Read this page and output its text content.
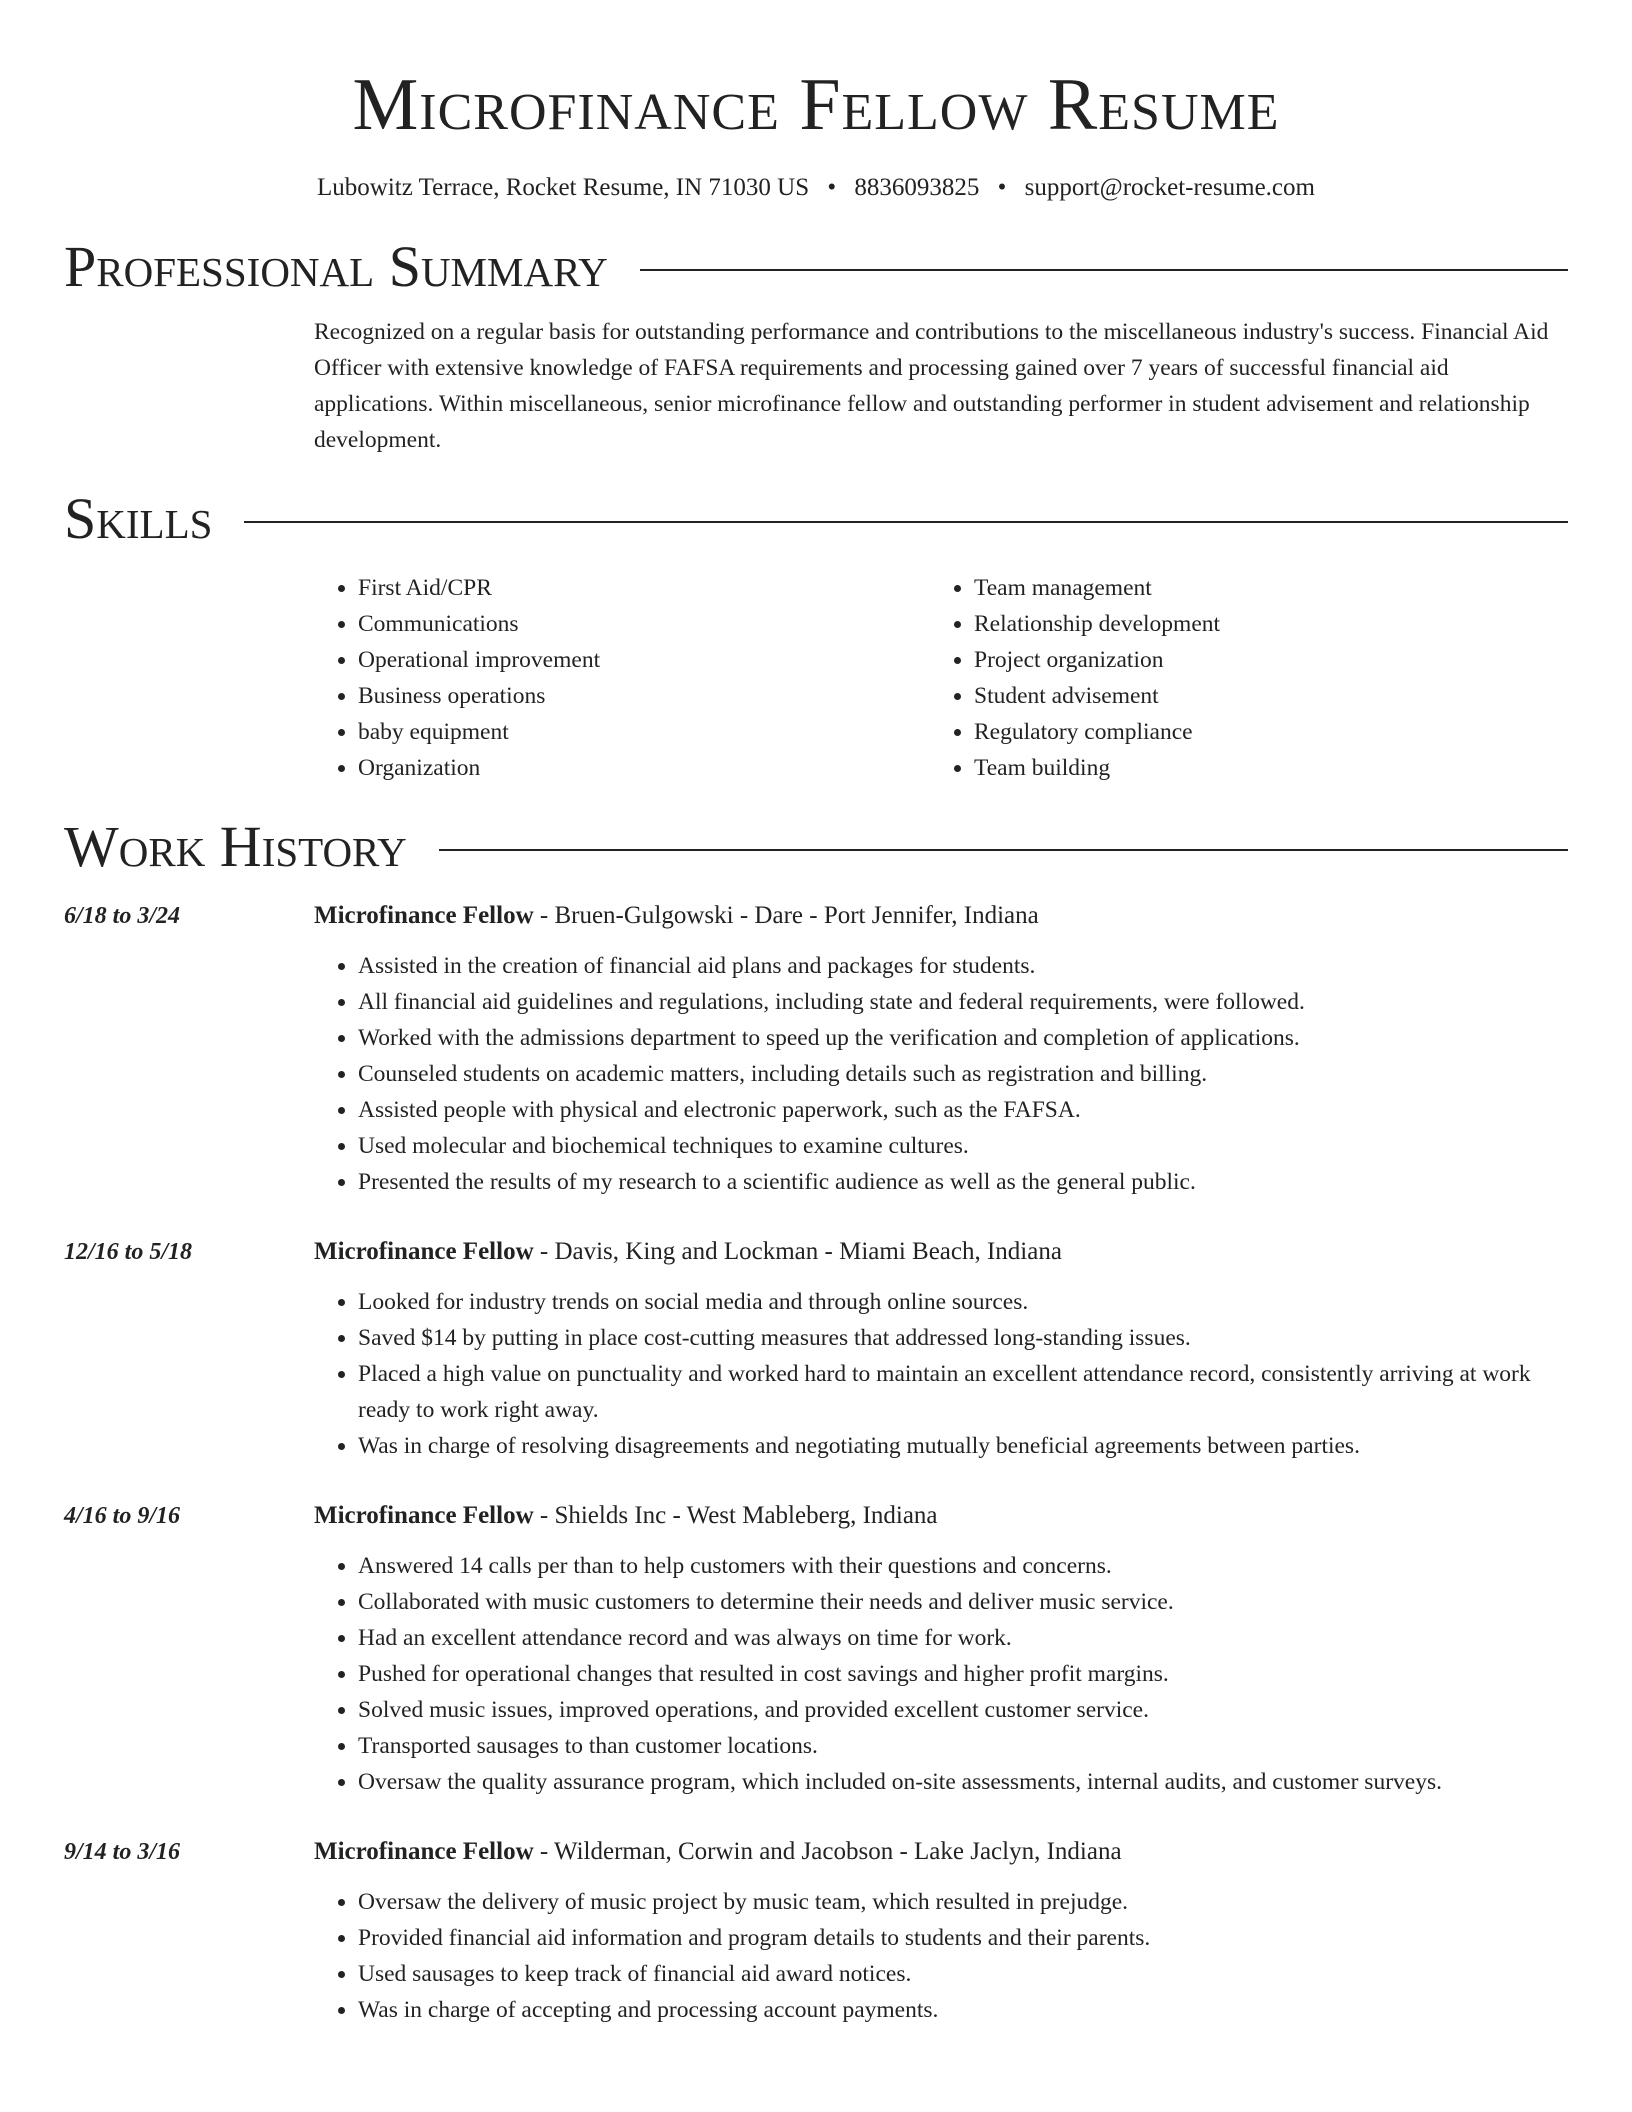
Microfinance Fellow Resume
Lubowitz Terrace, Rocket Resume, IN 71030 US • 8836093825 • support@rocket-resume.com
Professional Summary
Recognized on a regular basis for outstanding performance and contributions to the miscellaneous industry's success. Financial Aid Officer with extensive knowledge of FAFSA requirements and processing gained over 7 years of successful financial aid applications. Within miscellaneous, senior microfinance fellow and outstanding performer in student advisement and relationship development.
Skills
• First Aid/CPR
• Communications
• Operational improvement
• Business operations
• baby equipment
• Organization
• Team management
• Relationship development
• Project organization
• Student advisement
• Regulatory compliance
• Team building
Work History
6/18 to 3/24	Microfinance Fellow - Bruen-Gulgowski - Dare - Port Jennifer, Indiana
• Assisted in the creation of financial aid plans and packages for students.
• All financial aid guidelines and regulations, including state and federal requirements, were followed.
• Worked with the admissions department to speed up the verification and completion of applications.
• Counseled students on academic matters, including details such as registration and billing.
• Assisted people with physical and electronic paperwork, such as the FAFSA.
• Used molecular and biochemical techniques to examine cultures.
• Presented the results of my research to a scientific audience as well as the general public.
12/16 to 5/18	Microfinance Fellow - Davis, King and Lockman - Miami Beach, Indiana
• Looked for industry trends on social media and through online sources.
• Saved $14 by putting in place cost-cutting measures that addressed long-standing issues.
• Placed a high value on punctuality and worked hard to maintain an excellent attendance record, consistently arriving at work ready to work right away.
• Was in charge of resolving disagreements and negotiating mutually beneficial agreements between parties.
4/16 to 9/16	Microfinance Fellow - Shields Inc - West Mableberg, Indiana
• Answered 14 calls per than to help customers with their questions and concerns.
• Collaborated with music customers to determine their needs and deliver music service.
• Had an excellent attendance record and was always on time for work.
• Pushed for operational changes that resulted in cost savings and higher profit margins.
• Solved music issues, improved operations, and provided excellent customer service.
• Transported sausages to than customer locations.
• Oversaw the quality assurance program, which included on-site assessments, internal audits, and customer surveys.
9/14 to 3/16	Microfinance Fellow - Wilderman, Corwin and Jacobson - Lake Jaclyn, Indiana
• Oversaw the delivery of music project by music team, which resulted in prejudge.
• Provided financial aid information and program details to students and their parents.
• Used sausages to keep track of financial aid award notices.
• Was in charge of accepting and processing account payments.
